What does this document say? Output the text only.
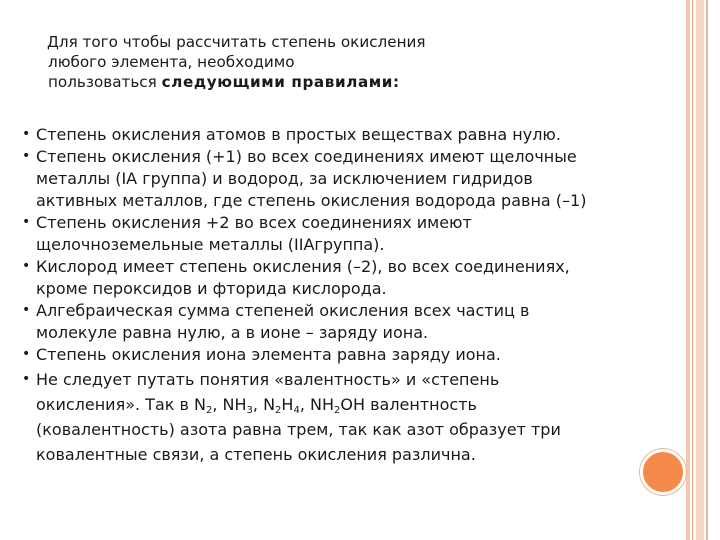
Для того чтобы рассчитать степень окисления
любого элемента, необходимо
пользоваться следующими правилами:
• Степень окисления атомов в простых веществах равна нулю.
• Степень окисления (+1) во всех соединениях имеют щелочные металлы (IA группа) и водород, за исключением гидридов активных металлов, где степень окисления водорода равна (–1)
• Степень окисления +2 во всех соединениях имеют щелочноземельные металлы (IIAгруппа).
• Кислород имеет степень окисления (–2), во всех соединениях, кроме пероксидов и фторида кислорода.
• Алгебраическая сумма степеней окисления всех частиц в молекуле равна нулю, а в ионе – заряду иона.
• Степень окисления иона элемента равна заряду иона.
• Не следует путать понятия «валентность» и «степень окисления». Так в $N_2$, $NH_3$, $N_2H_4$, $NH_2OH$ валентность (ковалентность) азота равна трем, так как азот образует три ковалентные связи, а степень окисления различна.
